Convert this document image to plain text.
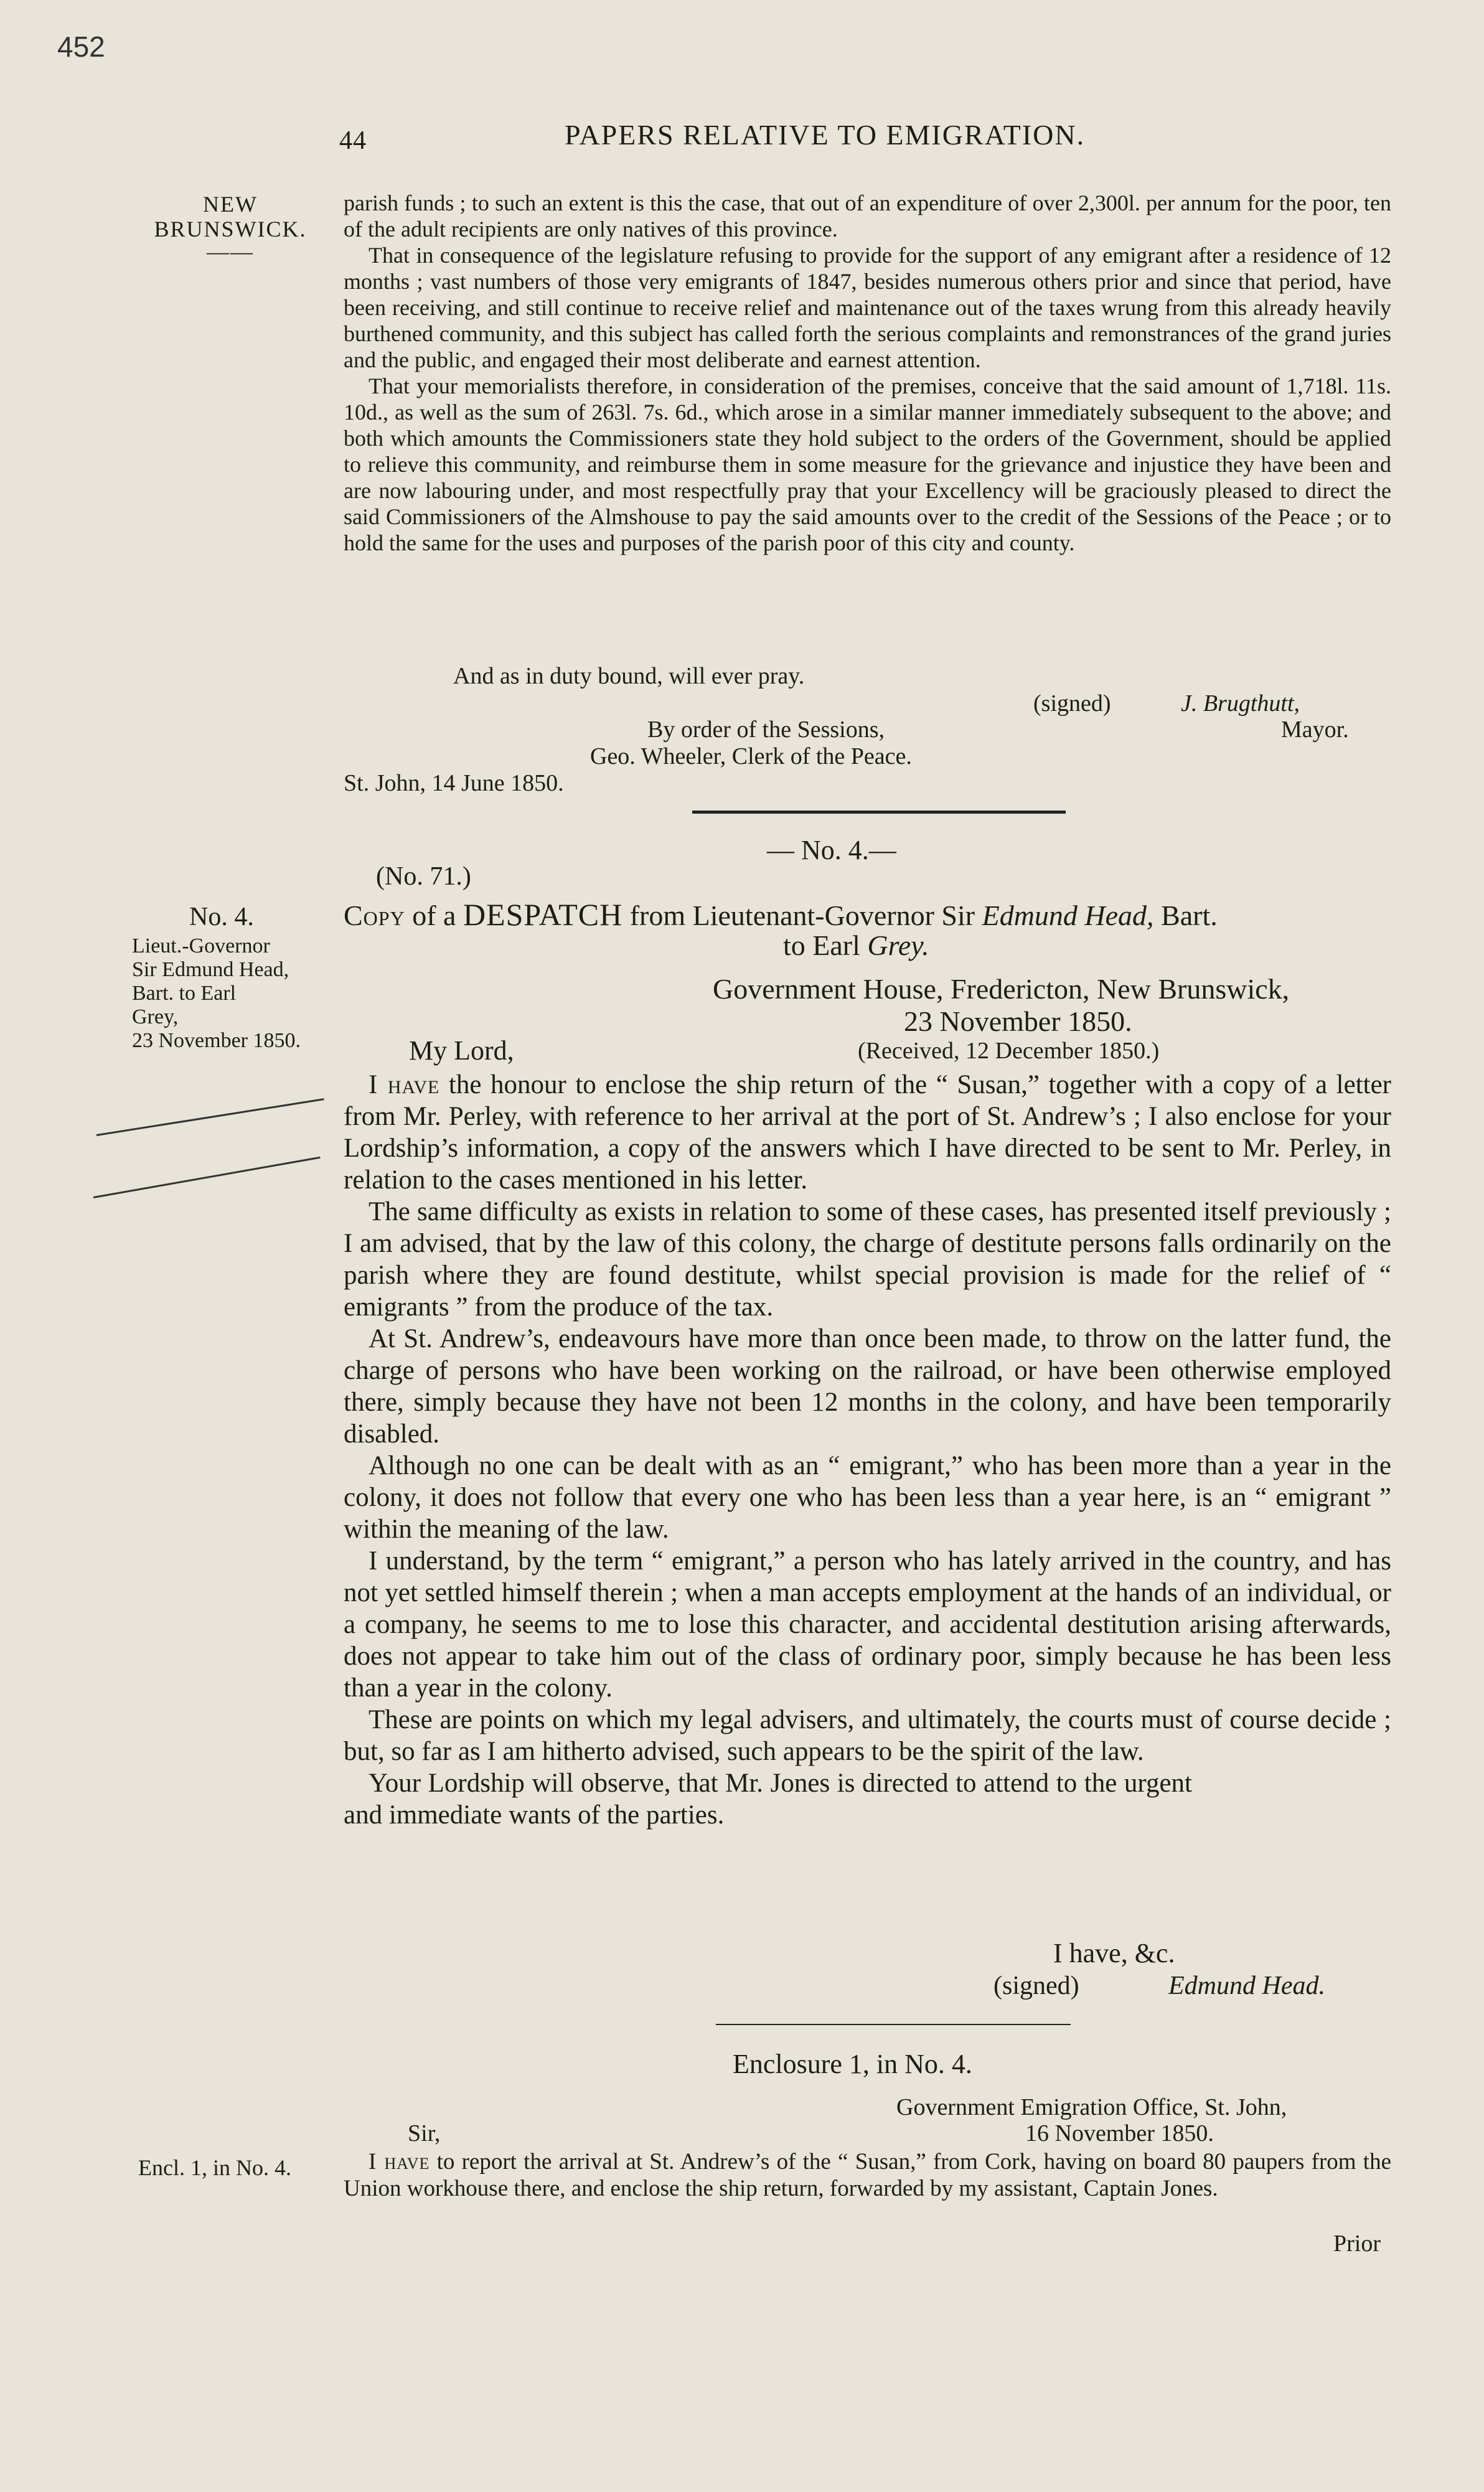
452
44	PAPERS RELATIVE TO EMIGRATION.
NEW
BRUNSWICK.
——
No. 4.
Lieut.-Governor
Sir Edmund Head,
Bart. to Earl
Grey,
23 November 1850.
Encl. 1, in No. 4.

parish funds ; to such an extent is this the case, that out of an expenditure of over 2,300l. per annum for the poor, ten of the adult recipients are only natives of this province.

That in consequence of the legislature refusing to provide for the support of any emigrant after a residence of 12 months ; vast numbers of those very emigrants of 1847, besides numerous others prior and since that period, have been receiving, and still continue to receive relief and maintenance out of the taxes wrung from this already heavily burthened community, and this subject has called forth the serious complaints and remonstrances of the grand juries and the public, and engaged their most deliberate and earnest attention.

That your memorialists therefore, in consideration of the premises, conceive that the said amount of 1,718l. 11s. 10d., as well as the sum of 263l. 7s. 6d., which arose in a similar manner immediately subsequent to the above; and both which amounts the Commissioners state they hold subject to the orders of the Government, should be applied to relieve this community, and reimburse them in some measure for the grievance and injustice they have been and are now labouring under, and most respectfully pray that your Excellency will be graciously pleased to direct the said Commissioners of the Almshouse to pay the said amounts over to the credit of the Sessions of the Peace ; or to hold the same for the uses and purposes of the parish poor of this city and county.

And as in duty bound, will ever pray.
(signed)	J. Brugthutt,
By order of the Sessions,	Mayor.
Geo. Wheeler, Clerk of the Peace.
St. John, 14 June 1850.
— No. 4.—
(No. 71.)
Copy of a DESPATCH from Lieutenant-Governor Sir Edmund Head, Bart.
to Earl Grey.
Government House, Fredericton, New Brunswick,
23 November 1850.
My Lord,	(Received, 12 December 1850.)

I have the honour to enclose the ship return of the “ Susan,” together with a copy of a letter from Mr. Perley, with reference to her arrival at the port of St. Andrew’s ; I also enclose for your Lordship’s information, a copy of the answers which I have directed to be sent to Mr. Perley, in relation to the cases mentioned in his letter.

The same difficulty as exists in relation to some of these cases, has presented itself previously ; I am advised, that by the law of this colony, the charge of destitute persons falls ordinarily on the parish where they are found destitute, whilst special provision is made for the relief of “ emigrants ” from the produce of the tax.

At St. Andrew’s, endeavours have more than once been made, to throw on the latter fund, the charge of persons who have been working on the railroad, or have been otherwise employed there, simply because they have not been 12 months in the colony, and have been temporarily disabled.

Although no one can be dealt with as an “ emigrant,” who has been more than a year in the colony, it does not follow that every one who has been less than a year here, is an “ emigrant ” within the meaning of the law.

I understand, by the term “ emigrant,” a person who has lately arrived in the country, and has not yet settled himself therein ; when a man accepts employment at the hands of an individual, or a company, he seems to me to lose this character, and accidental destitution arising afterwards, does not appear to take him out of the class of ordinary poor, simply because he has been less than a year in the colony.

These are points on which my legal advisers, and ultimately, the courts must of course decide ; but, so far as I am hitherto advised, such appears to be the spirit of the law.

Your Lordship will observe, that Mr. Jones is directed to attend to the urgent and immediate wants of the parties.

I have, &c.
(signed)	Edmund Head.
Enclosure 1, in No. 4.
Government Emigration Office, St. John,
16 November 1850.
Sir,

I have to report the arrival at St. Andrew’s of the “ Susan,” from Cork, having on board 80 paupers from the Union workhouse there, and enclose the ship return, forwarded by my assistant, Captain Jones.

Prior
